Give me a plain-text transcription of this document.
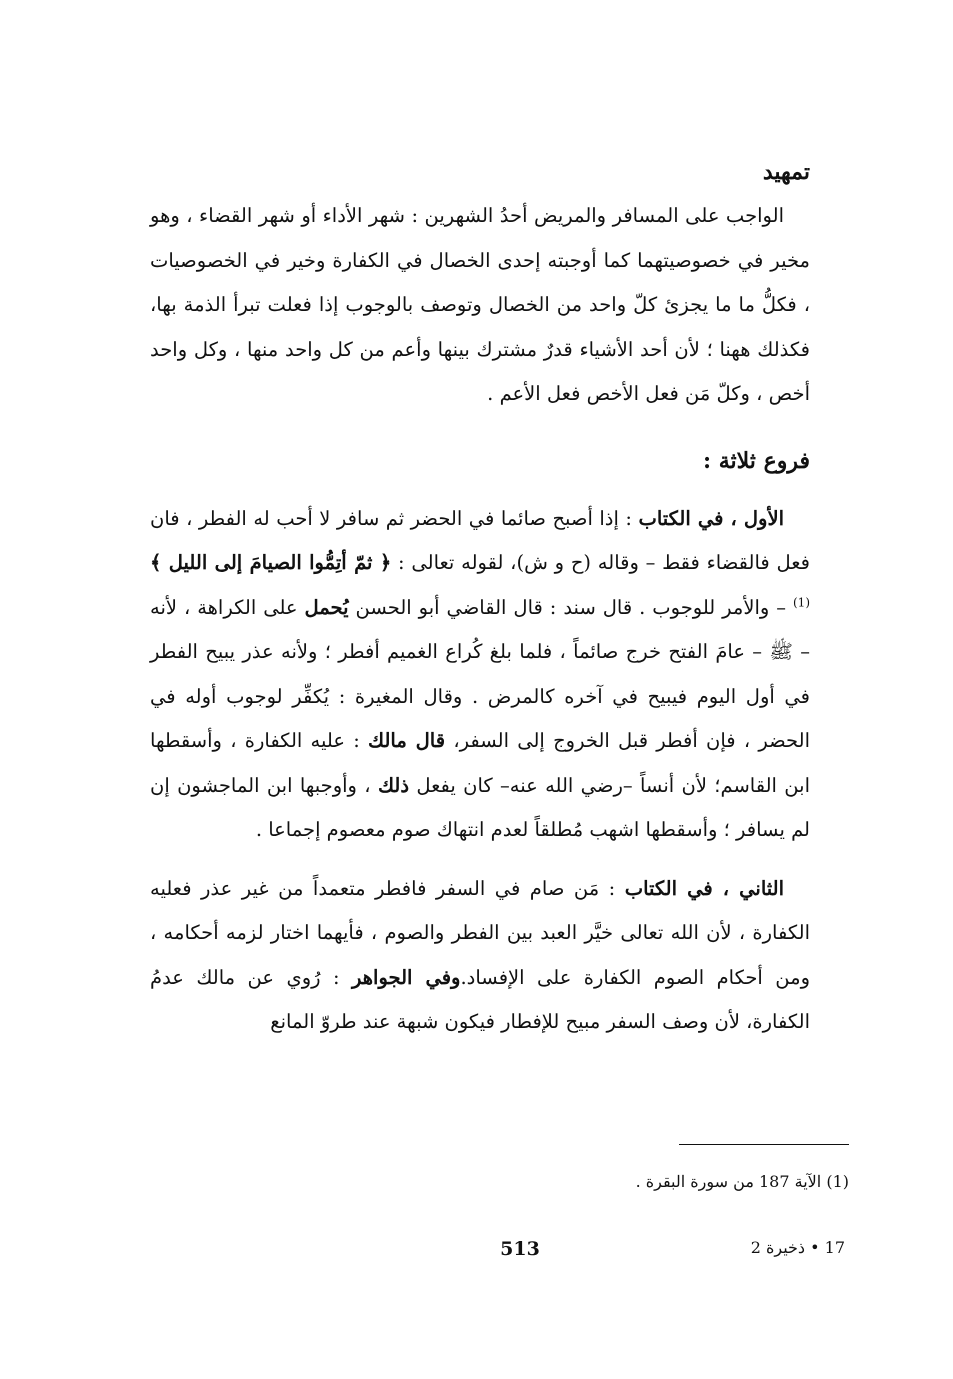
تمهيد

الواجب على المسافر والمريض أحدُ الشهرين : شهر الأداء أو شهر القضاء ، وهو مخير في خصوصيتهما كما أوجبته إحدى الخصال في الكفارة وخير في الخصوصيات ، فكلُّ ما ما يجزئ كلّ واحد من الخصال وتوصف بالوجوب إذا فعلت تبرأ الذمة بها، فكذلك ههنا ؛ لأن أحد الأشياء قدرٌ مشترك بينها وأعم من كل واحد منها ، وكل واحد أخص ، وكلّ مَن فعل الأخص فعل الأعم .

فروع ثلاثة :

الأول ، في الكتاب : إذا أصبح صائما في الحضر ثم سافر لا أحب له الفطر ، فان فعل فالقضاء فقط – وقاله (ح و ش)، لقوله تعالى : ﴿ ثمّ أتِمُّوا الصيامَ إلى الليل ﴾$^{(1)}$ – والأمر للوجوب . قال سند : قال القاضي أبو الحسن يُحمل على الكراهة ، لأنه – ﷺ – عامَ الفتح خرج صائماً ، فلما بلغ كُراع الغميم أفطر ؛ ولأنه عذر يبيح الفطر في أول اليوم فيبيح في آخره كالمرض . وقال المغيرة : يُكفِّر لوجوب أوله في الحضر ، فإن أفطر قبل الخروج إلى السفر، قال مالك : عليه الكفارة ، وأسقطها ابن القاسم؛ لأن أنساً –رضي الله عنه– كان يفعل ذلك ، وأوجبها ابن الماجشون إن لم يسافر ؛ وأسقطها اشهب مُطلقاً لعدم انتهاك صوم معصوم إجماعا .

الثاني ، في الكتاب : مَن صام في السفر فافطر متعمداً من غير عذر فعليه الكفارة ، لأن الله تعالى خيَّر العبد بين الفطر والصوم ، فأيهما اختار لزمه أحكامه ، ومن أحكام الصوم الكفارة على الإفساد.وفي الجواهر : رُوي عن مالك عدمُ الكفارة، لأن وصف السفر مبيح للإفطار فيكون شبهة عند طروّ المانع

(1) الآية 187 من سورة البقرة .
513	17 • ذخيرة 2
